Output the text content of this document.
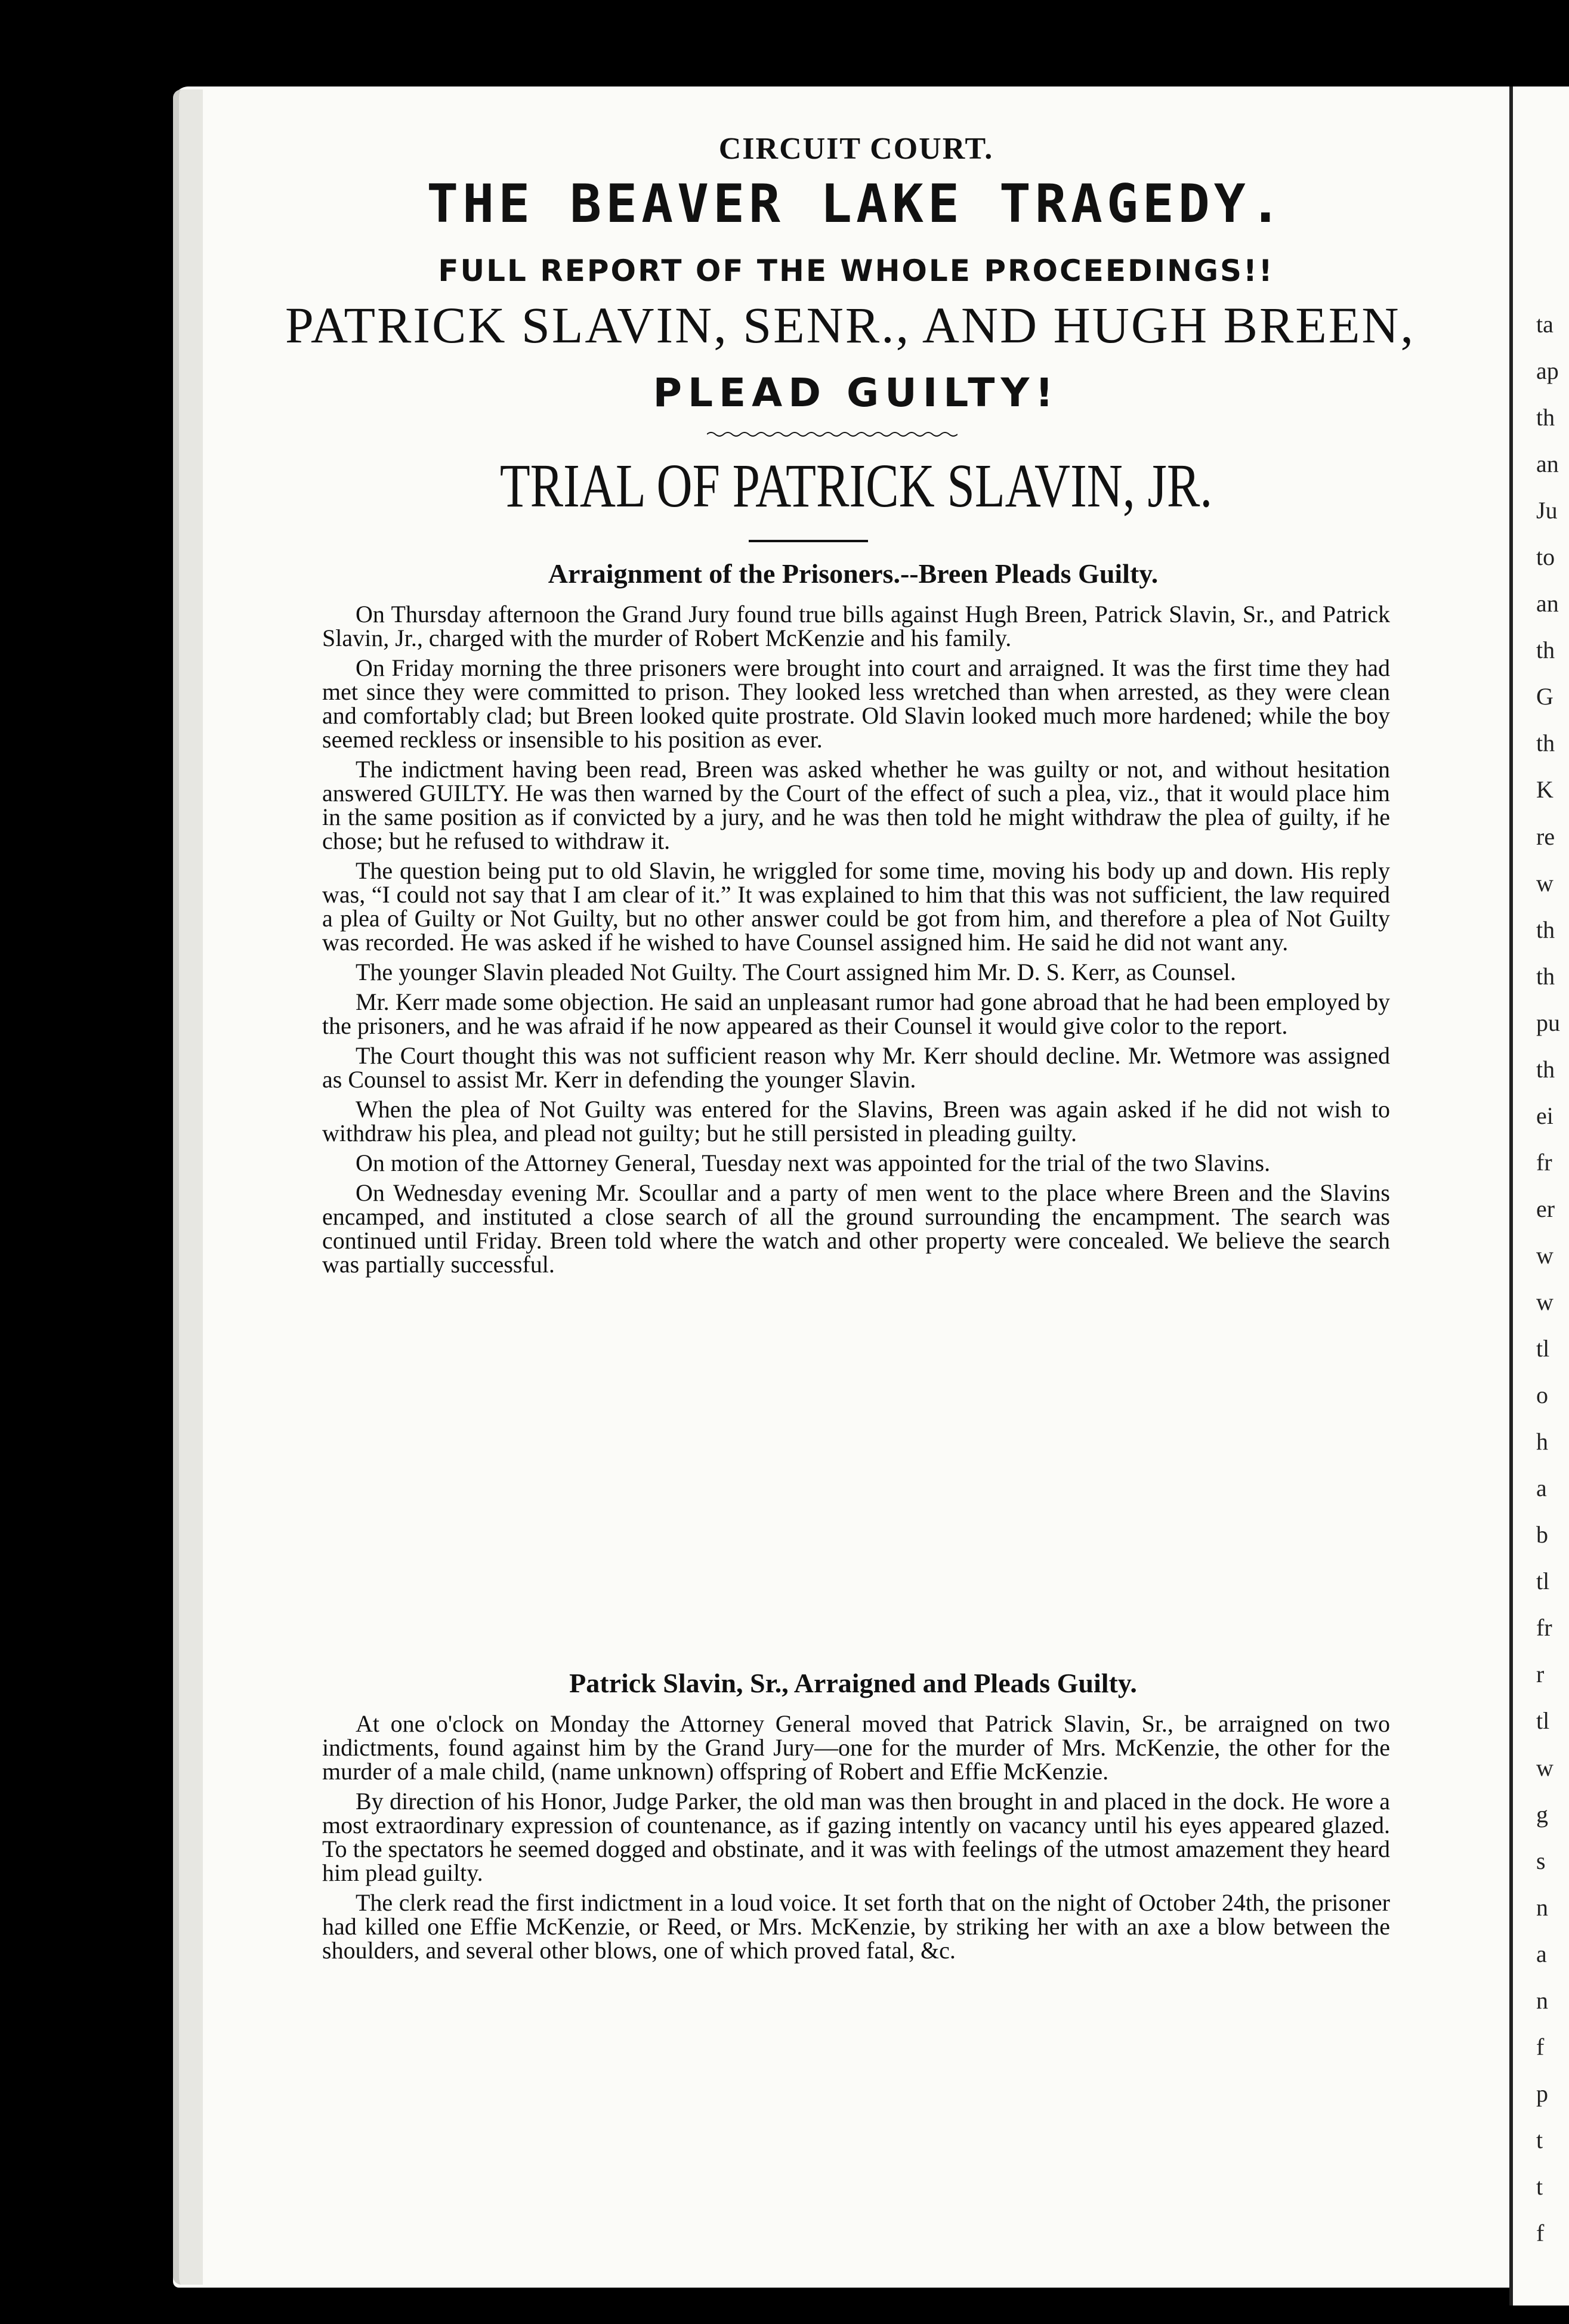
CIRCUIT COURT.
THE BEAVER LAKE TRAGEDY.
FULL REPORT OF THE WHOLE PROCEEDINGS!!
PATRICK SLAVIN, SENR., AND HUGH BREEN,
PLEAD GUILTY!
TRIAL OF PATRICK SLAVIN, JR.
Arraignment of the Prisoners.--Breen Pleads Guilty.

On Thursday afternoon the Grand Jury found true bills against Hugh Breen, Patrick Slavin, Sr., and Patrick Slavin, Jr., charged with the murder of Robert McKenzie and his family.

On Friday morning the three prisoners were brought into court and arraigned. It was the first time they had met since they were committed to prison. They looked less wretched than when arrested, as they were clean and comfortably clad; but Breen looked quite prostrate. Old Slavin looked much more hardened; while the boy seemed reckless or insensible to his position as ever.

The indictment having been read, Breen was asked whether he was guilty or not, and without hesitation answered GUILTY. He was then warned by the Court of the effect of such a plea, viz., that it would place him in the same position as if convicted by a jury, and he was then told he might withdraw the plea of guilty, if he chose; but he refused to withdraw it.

The question being put to old Slavin, he wriggled for some time, moving his body up and down. His reply was, “I could not say that I am clear of it.” It was explained to him that this was not sufficient, the law required a plea of Guilty or Not Guilty, but no other answer could be got from him, and therefore a plea of Not Guilty was recorded. He was asked if he wished to have Counsel assigned him. He said he did not want any.

The younger Slavin pleaded Not Guilty. The Court assigned him Mr. D. S. Kerr, as Counsel.

Mr. Kerr made some objection. He said an unpleasant rumor had gone abroad that he had been employed by the prisoners, and he was afraid if he now appeared as their Counsel it would give color to the report.

The Court thought this was not sufficient reason why Mr. Kerr should decline. Mr. Wetmore was assigned as Counsel to assist Mr. Kerr in defending the younger Slavin.

When the plea of Not Guilty was entered for the Slavins, Breen was again asked if he did not wish to withdraw his plea, and plead not guilty; but he still persisted in pleading guilty.

On motion of the Attorney General, Tuesday next was appointed for the trial of the two Slavins.

On Wednesday evening Mr. Scoullar and a party of men went to the place where Breen and the Slavins encamped, and instituted a close search of all the ground surrounding the encampment. The search was continued until Friday. Breen told where the watch and other property were concealed. We believe the search was partially successful.

Patrick Slavin, Sr., Arraigned and Pleads Guilty.

At one o'clock on Monday the Attorney General moved that Patrick Slavin, Sr., be arraigned on two indictments, found against him by the Grand Jury—one for the murder of Mrs. McKenzie, the other for the murder of a male child, (name unknown) offspring of Robert and Effie McKenzie.

By direction of his Honor, Judge Parker, the old man was then brought in and placed in the dock. He wore a most extraordinary expression of countenance, as if gazing intently on vacancy until his eyes appeared glazed. To the spectators he seemed dogged and obstinate, and it was with feelings of the utmost amazement they heard him plead guilty.

The clerk read the first indictment in a loud voice. It set forth that on the night of October 24th, the prisoner had killed one Effie McKenzie, or Reed, or Mrs. McKenzie, by striking her with an axe a blow between the shoulders, and several other blows, one of which proved fatal, &c.

ta
ap
th
an
Ju
to
an
th
G
th
K
re
w
th
th
pu
th
ei
fr
er
w
w
tl
o
h
a
b
tl
fr
r
tl
w
g
s
n
a
n
f
p
t
t
f
